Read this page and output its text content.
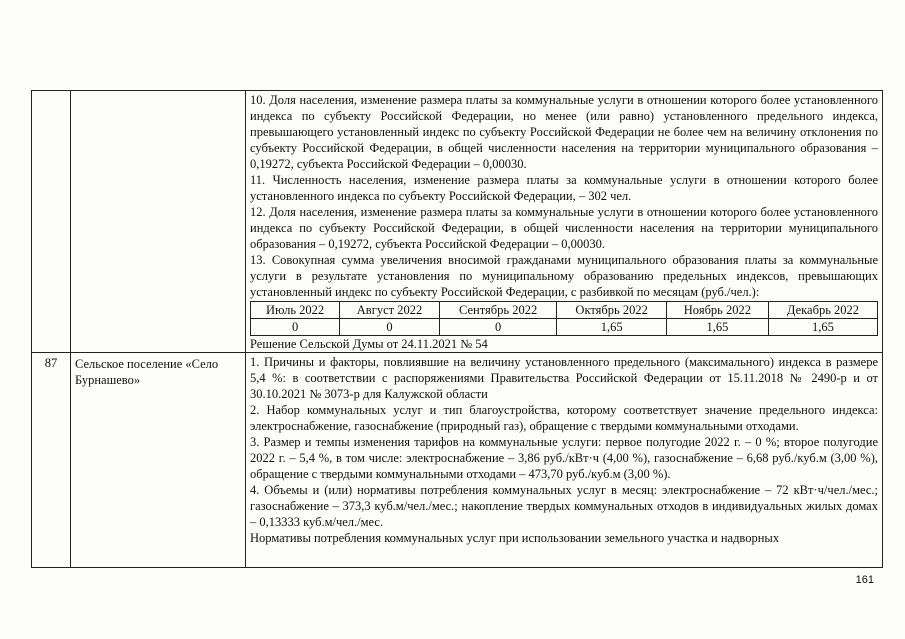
10. Доля населения, изменение размера платы за коммунальные услуги в отношении которого более установленного индекса по субъекту Российской Федерации, но менее (или равно) установленного предельного индекса, превышающего установленный индекс по субъекту Российской Федерации не более чем на величину отклонения по субъекту Российской Федерации, в общей численности населения на территории муниципального образования – 0,19272, субъекта Российской Федерации – 0,00030.

11. Численность населения, изменение размера платы за коммунальные услуги в отношении которого более установленного индекса по субъекту Российской Федерации, – 302 чел.

12. Доля населения, изменение размера платы за коммунальные услуги в отношении которого более установленного индекса по субъекту Российской Федерации, в общей численности населения на территории муниципального образования – 0,19272, субъекта Российской Федерации – 0,00030.

13. Совокупная сумма увеличения вносимой гражданами муниципального образования платы за коммунальные услуги в результате установления по муниципальному образованию предельных индексов, превышающих установленный индекс по субъекту Российской Федерации, с разбивкой по месяцам (руб./чел.):

Июль 2022	Август 2022	Сентябрь 2022	Октябрь 2022	Ноябрь 2022	Декабрь 2022
0	0	0	1,65	1,65	1,65

Решение Сельской Думы от 24.11.2021 № 54

87	Сельское поселение «Село Бурнашево»

1. Причины и факторы, повлиявшие на величину установленного предельного (максимального) индекса в размере 5,4 %: в соответствии с распоряжениями Правительства Российской Федерации от 15.11.2018 № 2490-р и от 30.10.2021 № 3073-р для Калужской области

2. Набор коммунальных услуг и тип благоустройства, которому соответствует значение предельного индекса: электроснабжение, газоснабжение (природный газ), обращение с твердыми коммунальными отходами.

3. Размер и темпы изменения тарифов на коммунальные услуги: первое полугодие 2022 г. – 0 %; второе полугодие 2022 г. – 5,4 %, в том числе: электроснабжение – 3,86 руб./кВт·ч (4,00 %), газоснабжение – 6,68 руб./куб.м (3,00 %), обращение с твердыми коммунальными отходами – 473,70 руб./куб.м (3,00 %).

4. Объемы и (или) нормативы потребления коммунальных услуг в месяц: электроснабжение – 72 кВт·ч/чел./мес.; газоснабжение – 373,3 куб.м/чел./мес.; накопление твердых коммунальных отходов в индивидуальных жилых домах – 0,13333 куб.м/чел./мес.

Нормативы потребления коммунальных услуг при использовании земельного участка и надворных

161
